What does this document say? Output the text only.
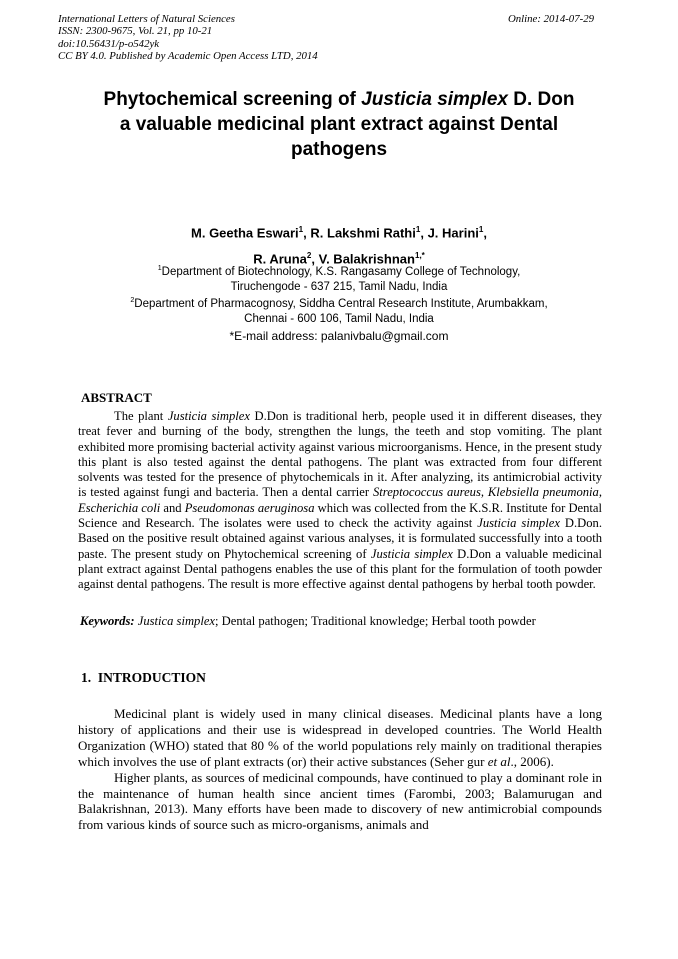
International Letters of Natural Sciences
ISSN: 2300-9675, Vol. 21, pp 10-21
doi:10.56431/p-o542yk
CC BY 4.0. Published by Academic Open Access LTD, 2014
Online: 2014-07-29
Phytochemical screening of Justicia simplex D. Don
a valuable medicinal plant extract against Dental
pathogens
M. Geetha Eswari$^1$, R. Lakshmi Rathi$^1$, J. Harini$^1$,
R. Aruna$^2$, V. Balakrishnan$^{1,*}$
$^1$Department of Biotechnology, K.S. Rangasamy College of Technology,
Tiruchengode - 637 215, Tamil Nadu, India
$^2$Department of Pharmacognosy, Siddha Central Research Institute, Arumbakkam,
Chennai - 600 106, Tamil Nadu, India
*E-mail address: palanivbalu@gmail.com
ABSTRACT

The plant Justicia simplex D.Don is traditional herb, people used it in different diseases, they treat fever and burning of the body, strengthen the lungs, the teeth and stop vomiting. The plant exhibited more promising bacterial activity against various microorganisms. Hence, in the present study this plant is also tested against the dental pathogens. The plant was extracted from four different solvents was tested for the presence of phytochemicals in it. After analyzing, its antimicrobial activity is tested against fungi and bacteria. Then a dental carrier Streptococcus aureus, Klebsiella pneumonia, Escherichia coli and Pseudomonas aeruginosa which was collected from the K.S.R. Institute for Dental Science and Research. The isolates were used to check the activity against Justicia simplex D.Don. Based on the positive result obtained against various analyses, it is formulated successfully into a tooth paste. The present study on Phytochemical screening of Justicia simplex D.Don a valuable medicinal plant extract against Dental pathogens enables the use of this plant for the formulation of tooth powder against dental pathogens. The result is more effective against dental pathogens by herbal tooth powder.

Keywords: Justica simplex; Dental pathogen; Traditional knowledge; Herbal tooth powder

1.  INTRODUCTION

Medicinal plant is widely used in many clinical diseases. Medicinal plants have a long history of applications and their use is widespread in developed countries. The World Health Organization (WHO) stated that 80 % of the world populations rely mainly on traditional therapies which involves the use of plant extracts (or) their active substances (Seher gur et al., 2006).

Higher plants, as sources of medicinal compounds, have continued to play a dominant role in the maintenance of human health since ancient times (Farombi, 2003; Balamurugan and Balakrishnan, 2013). Many efforts have been made to discovery of new antimicrobial compounds from various kinds of source such as micro-organisms, animals and
